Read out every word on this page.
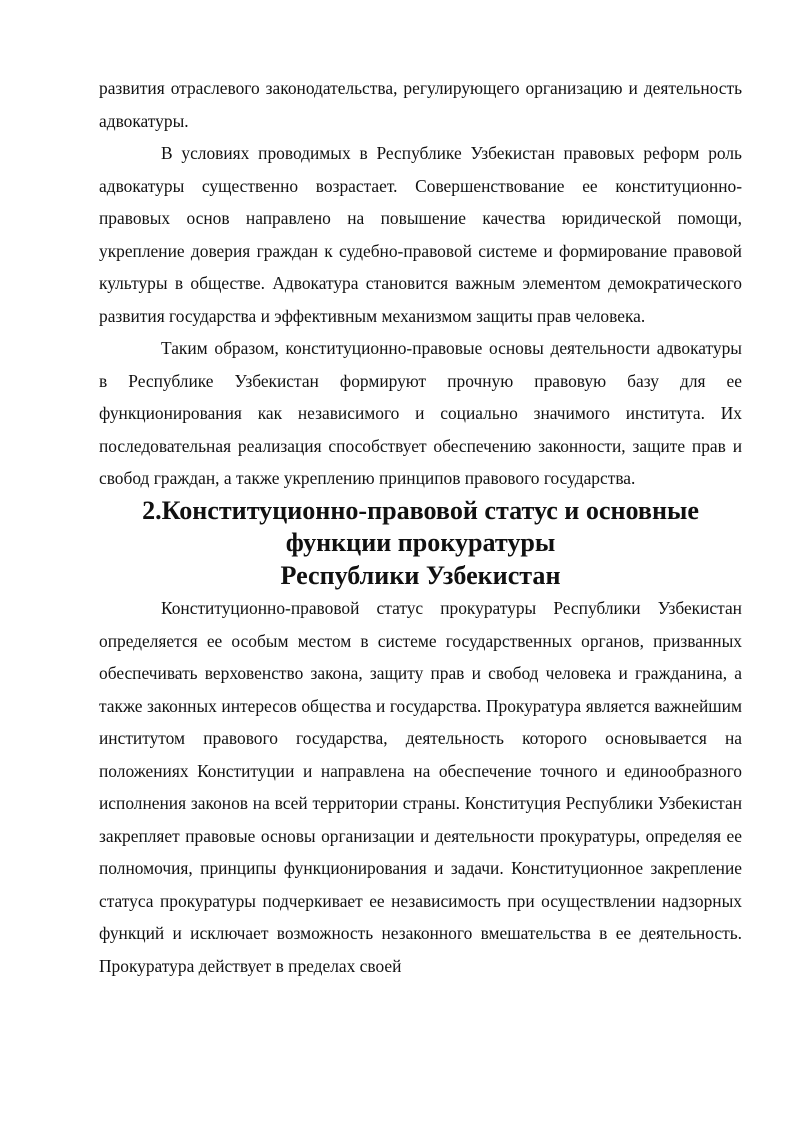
развития отраслевого законодательства, регулирующего организацию и деятельность адвокатуры.

В условиях проводимых в Республике Узбекистан правовых реформ роль адвокатуры существенно возрастает. Совершенствование ее конституционно-правовых основ направлено на повышение качества юридической помощи, укрепление доверия граждан к судебно-правовой системе и формирование правовой культуры в обществе. Адвокатура становится важным элементом демократического развития государства и эффективным механизмом защиты прав человека.

Таким образом, конституционно-правовые основы деятельности адвокатуры в Республике Узбекистан формируют прочную правовую базу для ее функционирования как независимого и социально значимого института. Их последовательная реализация способствует обеспечению законности, защите прав и свобод граждан, а также укреплению принципов правового государства.

2.Конституционно-правовой статус и основные функции прокуратуры
Республики Узбекистан

Конституционно-правовой статус прокуратуры Республики Узбекистан определяется ее особым местом в системе государственных органов, призванных обеспечивать верховенство закона, защиту прав и свобод человека и гражданина, а также законных интересов общества и государства. Прокуратура является важнейшим институтом правового государства, деятельность которого основывается на положениях Конституции и направлена на обеспечение точного и единообразного исполнения законов на всей территории страны. Конституция Республики Узбекистан закрепляет правовые основы организации и деятельности прокуратуры, определяя ее полномочия, принципы функционирования и задачи. Конституционное закрепление статуса прокуратуры подчеркивает ее независимость при осуществлении надзорных функций и исключает возможность незаконного вмешательства в ее деятельность. Прокуратура действует в пределах своей
